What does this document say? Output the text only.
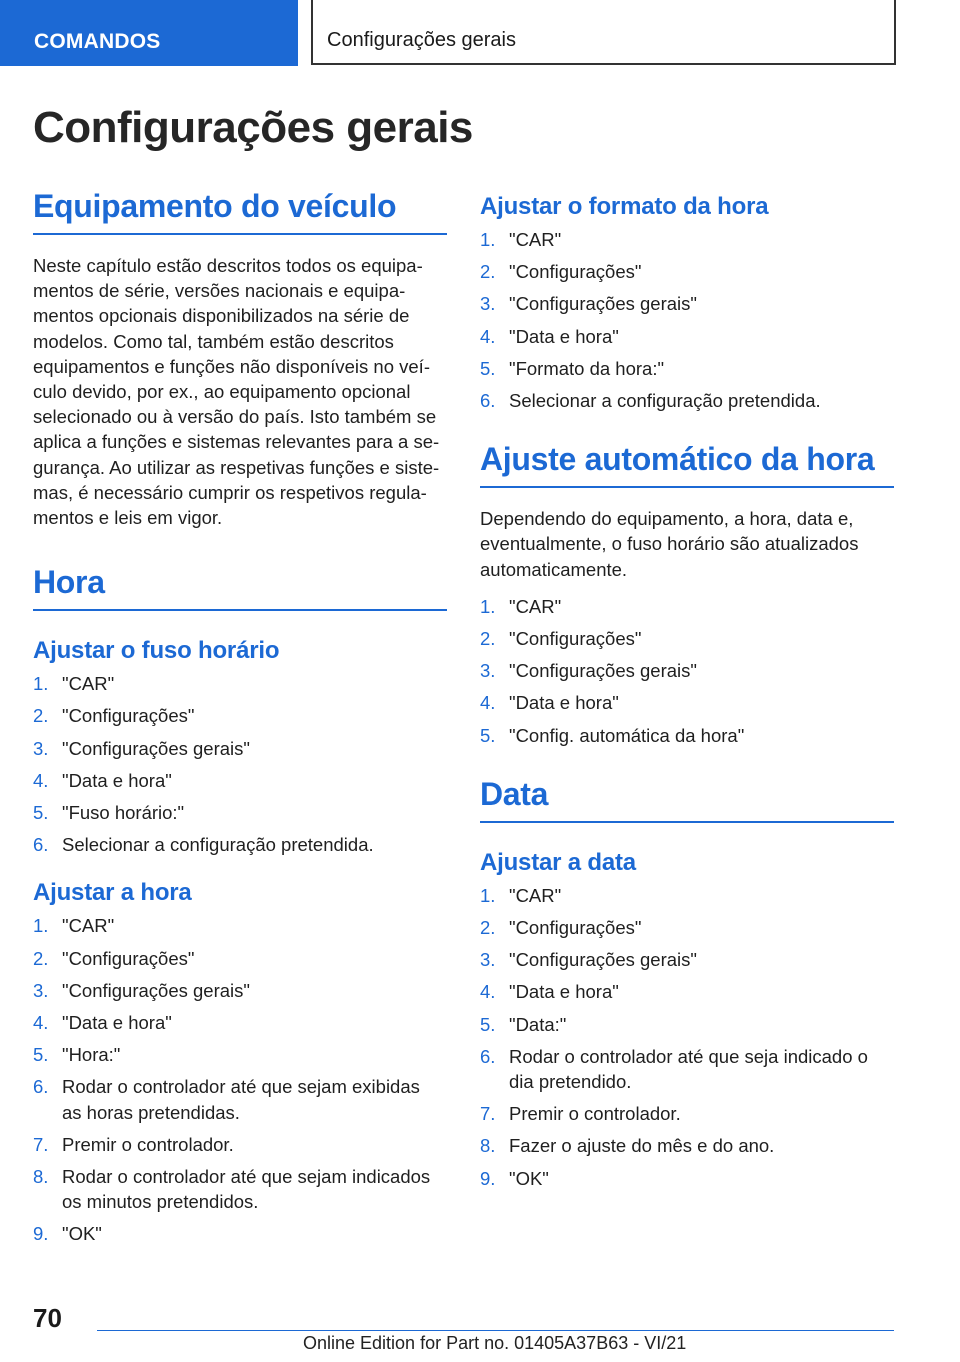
COMANDOS	Configurações gerais
Configurações gerais
Equipamento do veículo

Neste capítulo estão descritos todos os equipa‐
mentos de série, versões nacionais e equipa‐
mentos opcionais disponibilizados na série de
modelos. Como tal, também estão descritos
equipamentos e funções não disponíveis no veí‐
culo devido, por ex., ao equipamento opcional
selecionado ou à versão do país. Isto também se
aplica a funções e sistemas relevantes para a se‐
gurança. Ao utilizar as respetivas funções e siste‐
mas, é necessário cumprir os respetivos regula‐
mentos e leis em vigor.

Hora
Ajustar o fuso horário
1. "CAR"
2. "Configurações"
3. "Configurações gerais"
4. "Data e hora"
5. "Fuso horário:"
6. Selecionar a configuração pretendida.
Ajustar a hora
1. "CAR"
2. "Configurações"
3. "Configurações gerais"
4. "Data e hora"
5. "Hora:"
6. Rodar o controlador até que sejam exibidas
as horas pretendidas.
7. Premir o controlador.
8. Rodar o controlador até que sejam indicados
os minutos pretendidos.
9. "OK"
Ajustar o formato da hora
1. "CAR"
2. "Configurações"
3. "Configurações gerais"
4. "Data e hora"
5. "Formato da hora:"
6. Selecionar a configuração pretendida.
Ajuste automático da hora

Dependendo do equipamento, a hora, data e,
eventualmente, o fuso horário são atualizados
automaticamente.

1. "CAR"
2. "Configurações"
3. "Configurações gerais"
4. "Data e hora"
5. "Config. automática da hora"
Data
Ajustar a data
1. "CAR"
2. "Configurações"
3. "Configurações gerais"
4. "Data e hora"
5. "Data:"
6. Rodar o controlador até que seja indicado o
dia pretendido.
7. Premir o controlador.
8. Fazer o ajuste do mês e do ano.
9. "OK"
70
Online Edition for Part no. 01405A37B63 - VI/21
